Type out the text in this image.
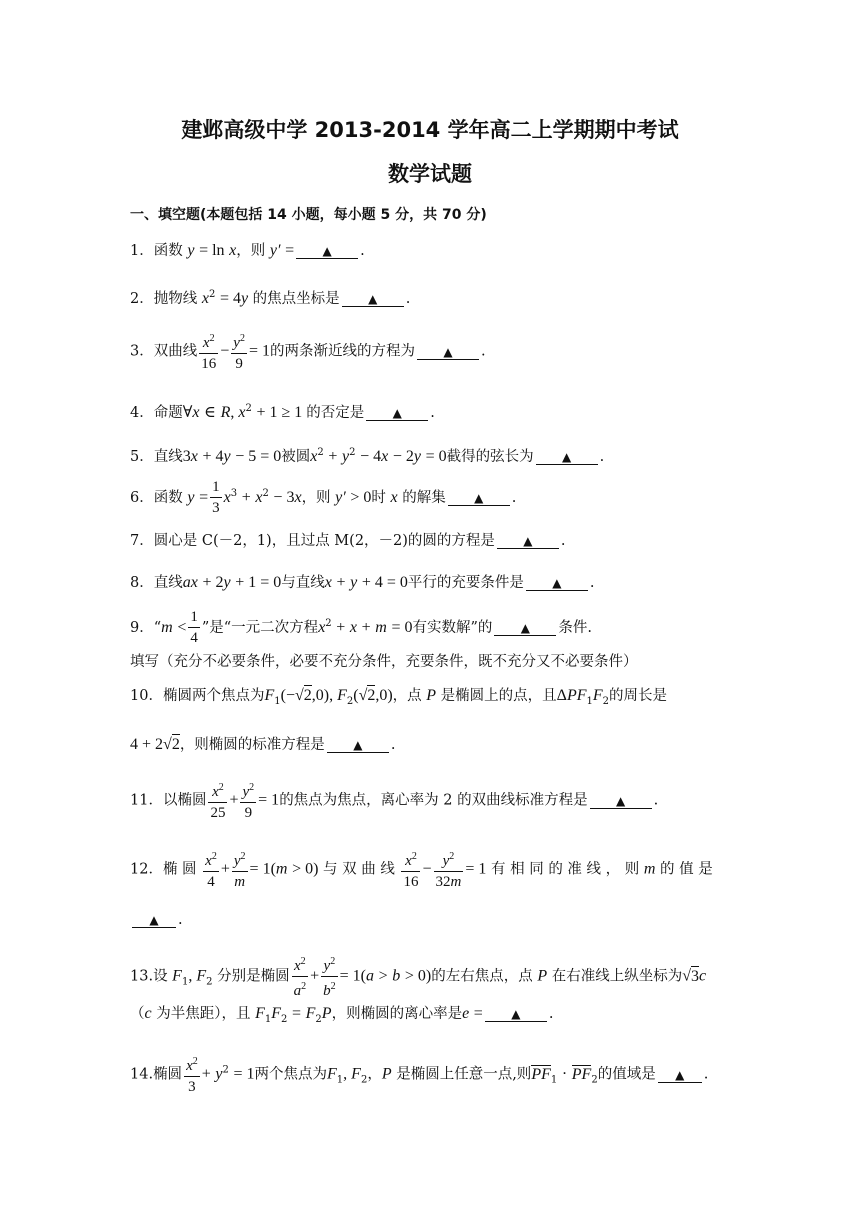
建邺高级中学 2013-2014 学年高二上学期期中考试
数学试题
一、填空题(本题包括 14 小题，每小题 5 分，共 70 分)
1．函数 y = ln x，则 y′ = ▲ .
2．抛物线 $x^2 = 4y$ 的焦点坐标是 ▲ .
3．双曲线 $\frac{x^2}{16} - \frac{y^2}{9} = 1$的两条渐近线的方程为 ▲ .
4．命题∀x ∈ R, $x^2 + 1 \ge 1$ 的否定是 ▲ .
5．直线3x + 4y − 5 = 0被圆$x^2 + y^2 - 4x - 2y = 0$截得的弦长为 ▲ .
6．函数 $y = \frac{1}{3} x^3 + x^2 - 3x$，则 y′ > 0时 x 的解集 ▲ .
7．圆心是 C(－2，1)，且过点 M(2，－2)的圆的方程是 ▲ .
8．直线ax + 2y + 1 = 0与直线x + y + 4 = 0平行的充要条件是 ▲ .
9．“$m < \frac{1}{4}$ ”是“一元二次方程$x^2 + x + m = 0$有实数解”的 ▲ 条件.
填写（充分不必要条件，必要不充分条件，充要条件，既不充分又不必要条件）
10．椭圆两个焦点为$F_1(-√2,0)$, $F_2(√2,0)$，点 P 是椭圆上的点，且$\Delta PF_1F_2$的周长是
4 + 2√2，则椭圆的标准方程是 ▲ .
11．以椭圆 $\frac{x^2}{25} + \frac{y^2}{9} = 1$的焦点为焦点，离心率为 2 的双曲线标准方程是 ▲ .
12．椭 圆 $\frac{x^2}{4} + \frac{y^2}{m} = 1(m > 0)$ 与 双 曲 线 $\frac{x^2}{16} - \frac{y^2}{32m} = 1$ 有 相 同 的 准 线 ， 则 m 的 值 是
▲ .
13.设 $F_1$, $F_2$ 分别是椭圆 $\frac{x^2}{a^2} + \frac{y^2}{b^2} = 1(a > b > 0)$的左右焦点，点 P 在右准线上纵坐标为√3c
（c 为半焦距），且 $F_1F_2 = F_2P$，则椭圆的离心率是e = ▲ .
14.椭圆 $\frac{x^2}{3} + y^2 = 1$两个焦点为$F_1$, $F_2$，P 是椭圆上任意一点,则$PF_1 \cdot PF_2$的值域是 ▲ .
